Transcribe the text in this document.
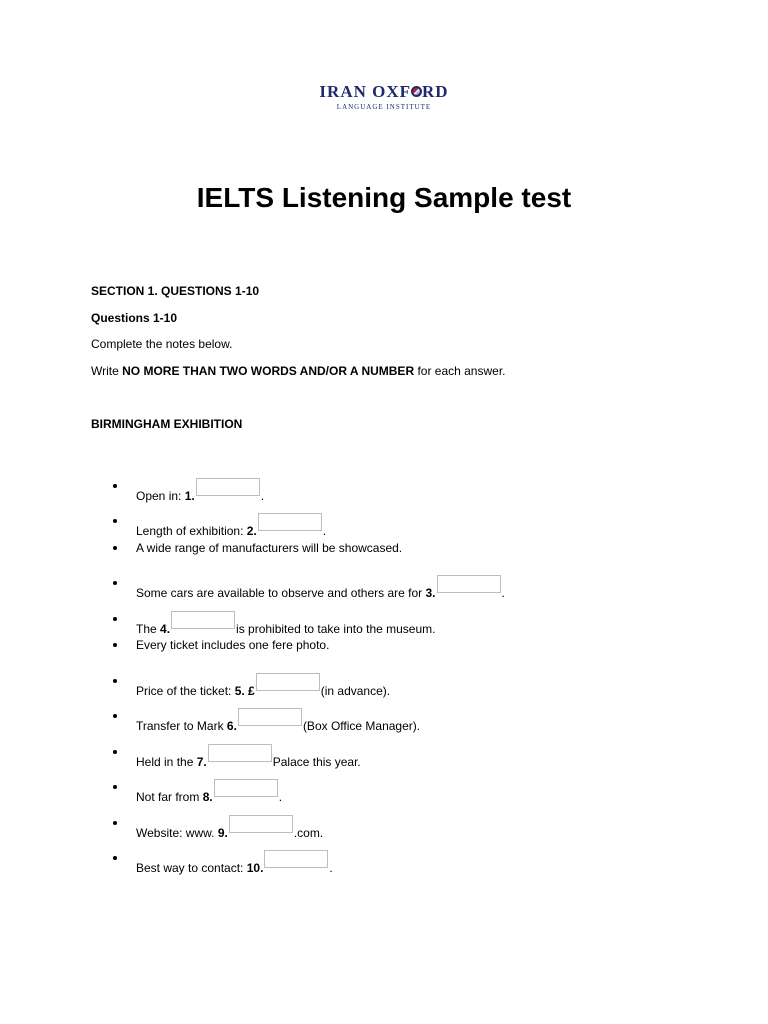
IRAN OXF RD
LANGUAGE INSTITUTE
IELTS Listening Sample test
SECTION 1. QUESTIONS 1-10
Questions 1-10
Complete the notes below.
Write NO MORE THAN TWO WORDS AND/OR A NUMBER for each answer.
BIRMINGHAM EXHIBITION
Open in: 1.	.
Length of exhibition: 2.	.
A wide range of manufacturers will be showcased.
Some cars are available to observe and others are for 3.	.
The 4.	is prohibited to take into the museum.
Every ticket includes one fere photo.
Price of the ticket: 5. £	(in advance).
Transfer to Mark 6.	(Box Office Manager).
Held in the 7.	Palace this year.
Not far from 8.	.
Website: www. 9.	.com.
Best way to contact: 10.	.
